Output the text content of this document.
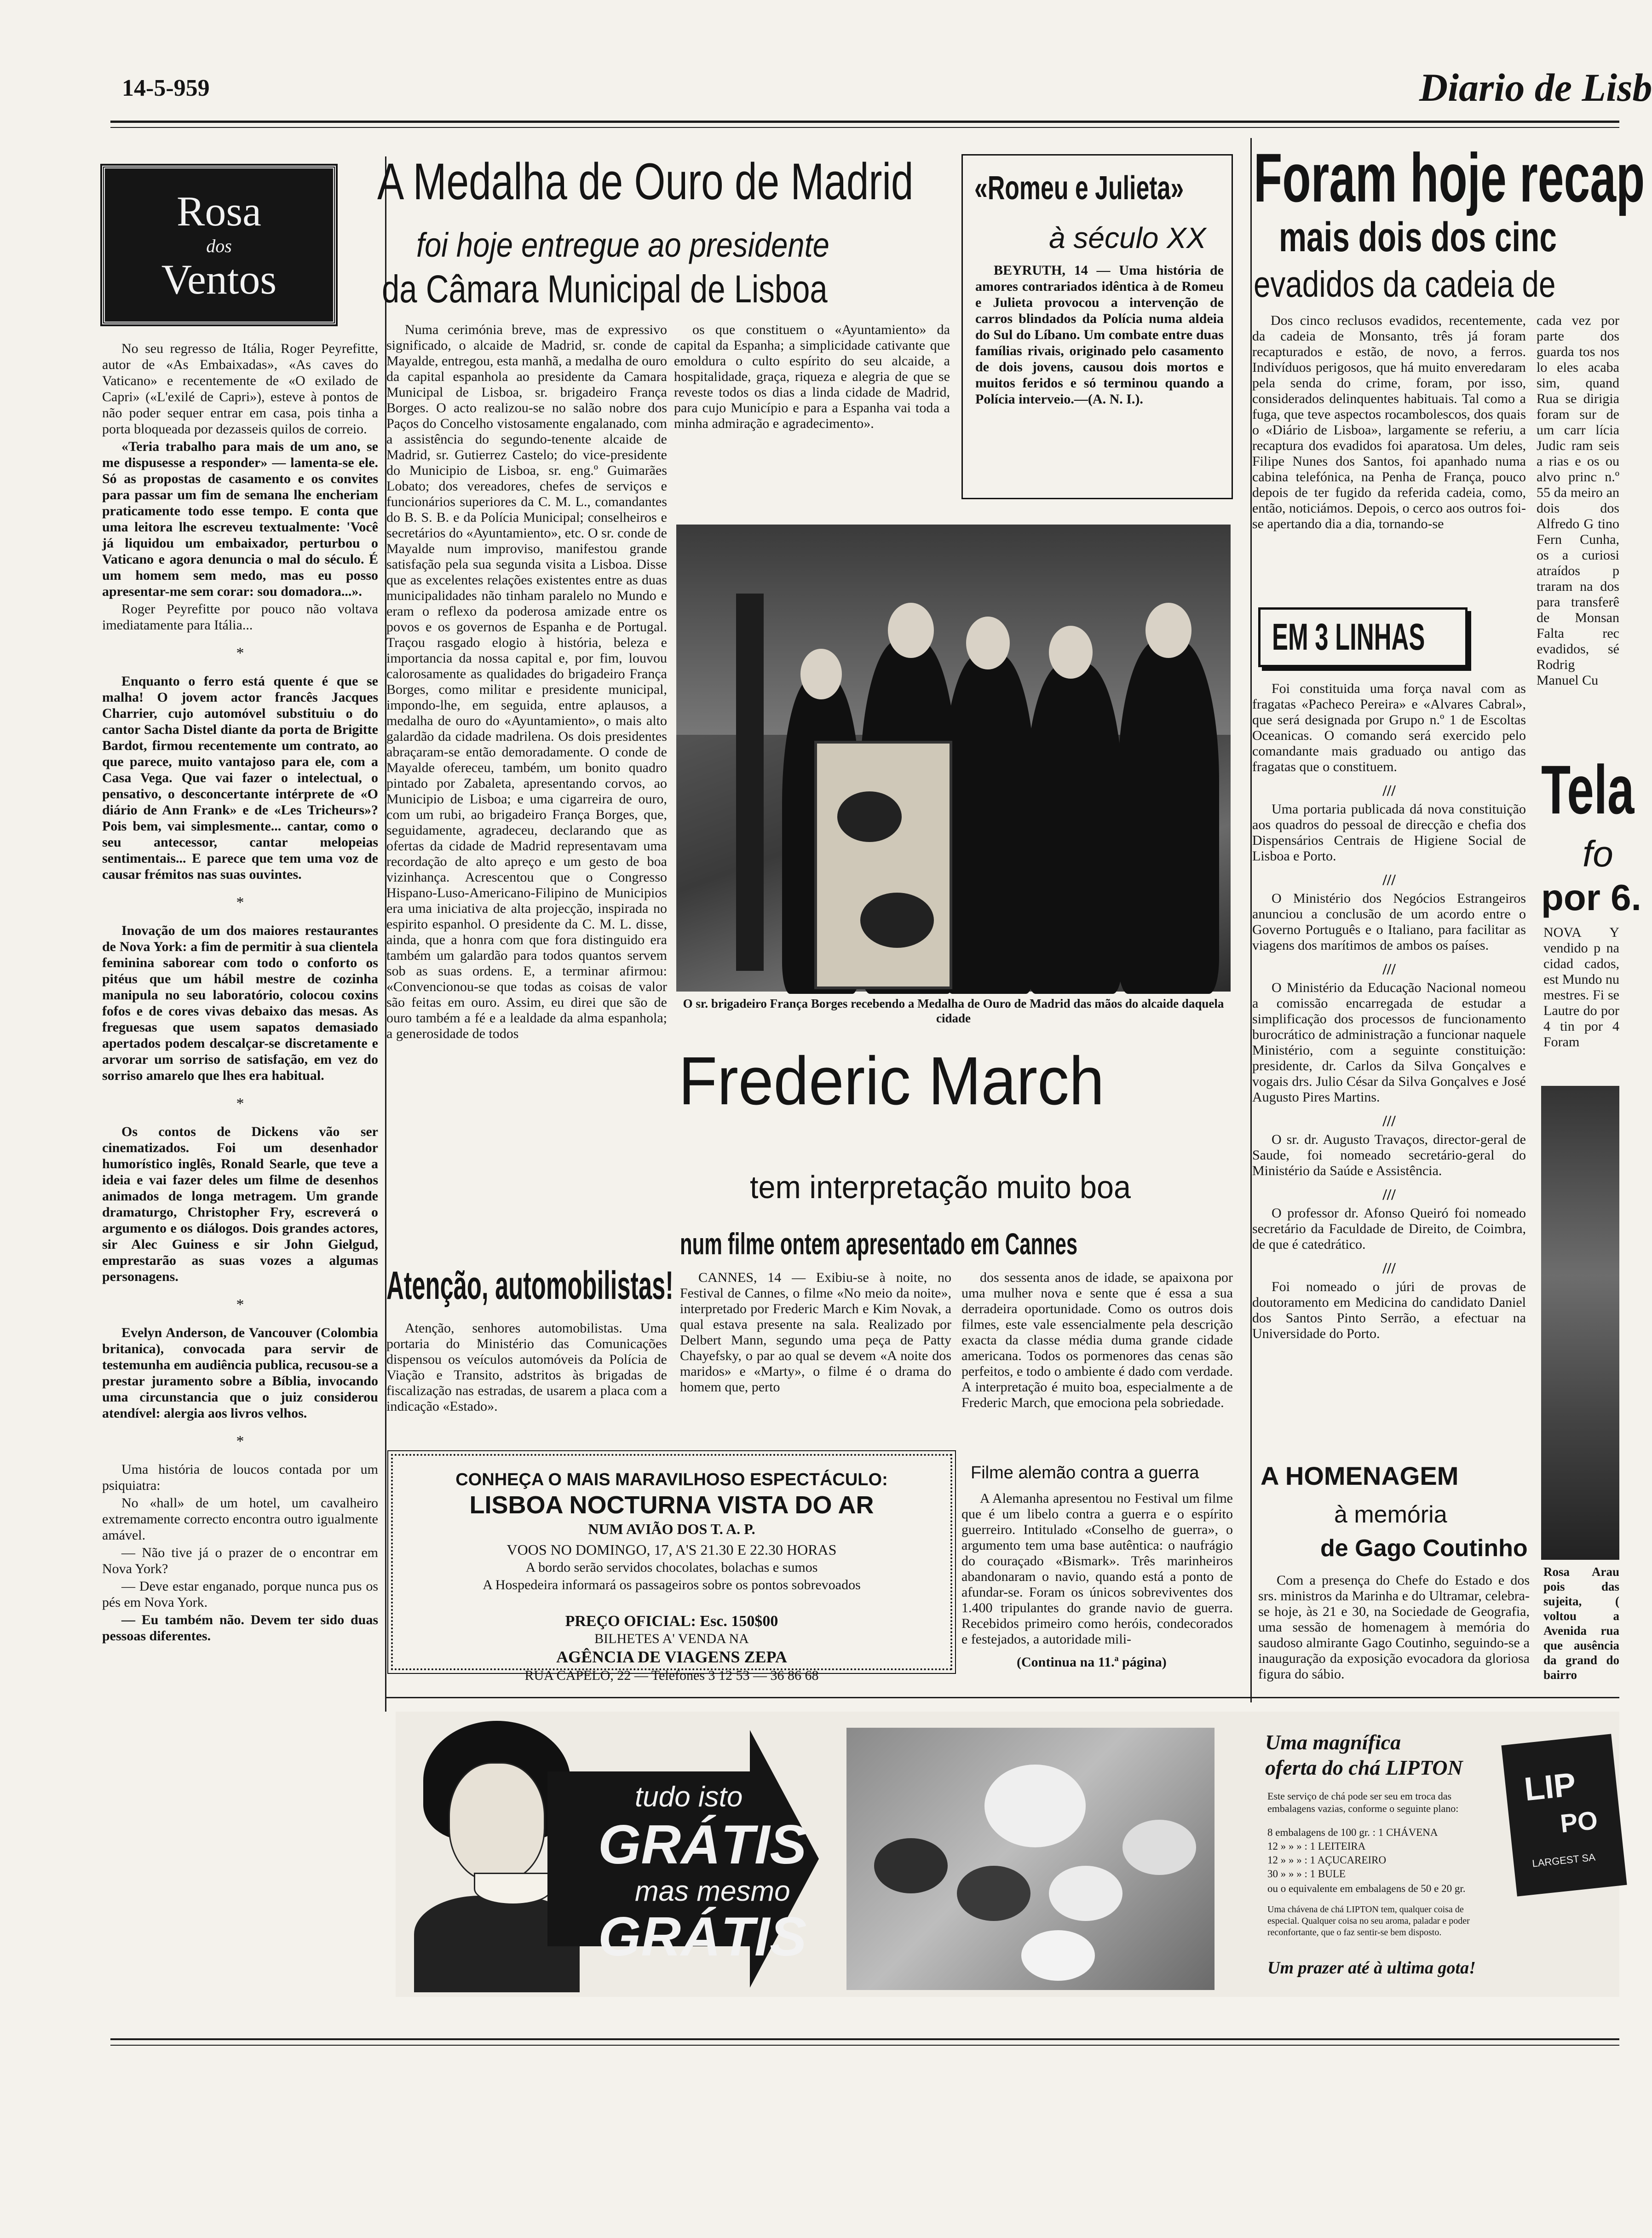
14-5-959	Diario de Lisb
Rosa
dos
Ventos

No seu regresso de Itália, Roger Peyrefitte, autor de «As Embaixadas», «As caves do Vaticano» e recentemente de «O exilado de Capri» («L'exilé de Capri»), esteve à pontos de não poder sequer entrar em casa, pois tinha a porta bloqueada por dezasseis quilos de correio.

«Teria trabalho para mais de um ano, se me dispusesse a responder» — lamenta-se ele. Só as propostas de casamento e os convites para passar um fim de semana lhe encheriam praticamente todo esse tempo. E conta que uma leitora lhe escreveu textualmente: 'Você já liquidou um embaixador, perturbou o Vaticano e agora denuncia o mal do século. É um homem sem medo, mas eu posso apresentar-me sem corar: sou domadora...».

Roger Peyrefitte por pouco não voltava imediatamente para Itália...

*

Enquanto o ferro está quente é que se malha! O jovem actor francês Jacques Charrier, cujo automóvel substituiu o do cantor Sacha Distel diante da porta de Brigitte Bardot, firmou recentemente um contrato, ao que parece, muito vantajoso para ele, com a Casa Vega. Que vai fazer o intelectual, o pensativo, o desconcertante intérprete de «O diário de Ann Frank» e de «Les Tricheurs»? Pois bem, vai simplesmente... cantar, como o seu antecessor, cantar melopeias sentimentais... E parece que tem uma voz de causar frémitos nas suas ouvintes.

*

Inovação de um dos maiores restaurantes de Nova York: a fim de permitir à sua clientela feminina saborear com todo o conforto os pitéus que um hábil mestre de cozinha manipula no seu laboratório, colocou coxins fofos e de cores vivas debaixo das mesas. As freguesas que usem sapatos demasiado apertados podem descalçar-se discretamente e arvorar um sorriso de satisfação, em vez do sorriso amarelo que lhes era habitual.

*

Os contos de Dickens vão ser cinematizados. Foi um desenhador humorístico inglês, Ronald Searle, que teve a ideia e vai fazer deles um filme de desenhos animados de longa metragem. Um grande dramaturgo, Christopher Fry, escreverá o argumento e os diálogos. Dois grandes actores, sir Alec Guiness e sir John Gielgud, emprestarão as suas vozes a algumas personagens.

*

Evelyn Anderson, de Vancouver (Colombia britanica), convocada para servir de testemunha em audiência publica, recusou-se a prestar juramento sobre a Bíblia, invocando uma circunstancia que o juiz considerou atendível: alergia aos livros velhos.

*

Uma história de loucos contada por um psiquiatra:

No «hall» de um hotel, um cavalheiro extremamente correcto encontra outro igualmente amável.

— Não tive já o prazer de o encontrar em Nova York?

— Deve estar enganado, porque nunca pus os pés em Nova York.

— Eu também não. Devem ter sido duas pessoas diferentes.

A Medalha de Ouro de Madrid
foi hoje entregue ao presidente
da Câmara Municipal de Lisboa
Numa cerimónia breve, mas de expressivo significado, o alcaide de Madrid, sr. conde de Mayalde, entregou, esta manhã, a medalha de ouro da capital espanhola ao presidente da Camara Municipal de Lisboa, sr. brigadeiro França Borges. O acto realizou-se no salão nobre dos Paços do Concelho vistosamente engalanado, com a assistência do segundo-tenente alcaide de Madrid, sr. Gutierrez Castelo; do vice-presidente do Municipio de Lisboa, sr. eng.º Guimarães Lobato; dos vereadores, chefes de serviços e funcionários superiores da C. M. L., comandantes do B. S. B. e da Polícia Municipal; conselheiros e secretários do «Ayuntamiento», etc. O sr. conde de Mayalde num improviso, manifestou grande satisfação pela sua segunda visita a Lisboa. Disse que as excelentes relações existentes entre as duas municipalidades não tinham paralelo no Mundo e eram o reflexo da poderosa amizade entre os povos e os governos de Espanha e de Portugal. Traçou rasgado elogio à história, beleza e importancia da nossa capital e, por fim, louvou calorosamente as qualidades do brigadeiro França Borges, como militar e presidente municipal, impondo-lhe, em seguida, entre aplausos, a medalha de ouro do «Ayuntamiento», o mais alto galardão da cidade madrilena. Os dois presidentes abraçaram-se então demoradamente. O conde de Mayalde ofereceu, também, um bonito quadro pintado por Zabaleta, apresentando corvos, ao Municipio de Lisboa; e uma cigarreira de ouro, com um rubi, ao brigadeiro França Borges, que, seguidamente, agradeceu, declarando que as ofertas da cidade de Madrid representavam uma recordação de alto apreço e um gesto de boa vizinhança. Acrescentou que o Congresso Hispano-Luso-Americano-Filipino de Municipios era uma iniciativa de alta projecção, inspirada no espirito espanhol. O presidente da C. M. L. disse, ainda, que a honra com que fora distinguido era também um galardão para todos quantos servem sob as suas ordens. E, a terminar afirmou: «Convencionou-se que todas as coisas de valor são feitas em ouro. Assim, eu direi que são de ouro também a fé e a lealdade da alma espanhola; a generosidade de todos
os que constituem o «Ayuntamiento» da capital da Espanha; a simplicidade cativante que emoldura o culto espírito do seu alcaide, a hospitalidade, graça, riqueza e alegria de que se reveste todos os dias a linda cidade de Madrid, para cujo Município e para a Espanha vai toda a minha admiração e agradecimento».
«Romeu e Julieta»
à século XX
BEYRUTH, 14 — Uma história de amores contrariados idêntica à de Romeu e Julieta provocou a intervenção de carros blindados da Polícia numa aldeia do Sul do Líbano. Um combate entre duas famílias rivais, originado pelo casamento de dois jovens, causou dois mortos e muitos feridos e só terminou quando a Polícia interveio.—(A. N. I.).
O sr. brigadeiro França Borges recebendo a Medalha de Ouro de Madrid das mãos do alcaide daquela cidade
Frederic March
tem interpretação muito boa
num filme ontem apresentado em Cannes
CANNES, 14 — Exibiu-se à noite, no Festival de Cannes, o filme «No meio da noite», interpretado por Frederic March e Kim Novak, a qual estava presente na sala. Realizado por Delbert Mann, segundo uma peça de Patty Chayefsky, o par ao qual se devem «A noite dos maridos» e «Marty», o filme é o drama do homem que, perto
dos sessenta anos de idade, se apaixona por uma mulher nova e sente que é essa a sua derradeira oportunidade. Como os outros dois filmes, este vale essencialmente pela descrição exacta da classe média duma grande cidade americana. Todos os pormenores das cenas são perfeitos, e todo o ambiente é dado com verdade. A interpretação é muito boa, especialmente a de Frederic March, que emociona pela sobriedade.
Filme alemão contra a guerra
A Alemanha apresentou no Festival um filme que é um libelo contra a guerra e o espírito guerreiro. Intitulado «Conselho de guerra», o argumento tem uma base autêntica: o naufrágio do couraçado «Bismark». Três marinheiros abandonaram o navio, quando está a ponto de afundar-se. Foram os únicos sobreviventes dos 1.400 tripulantes do grande navio de guerra. Recebidos primeiro como heróis, condecorados e festejados, a autoridade mili-
(Continua na 11.ª página)
Atenção, automobilistas!
Atenção, senhores automobilistas. Uma portaria do Ministério das Comunicações dispensou os veículos automóveis da Polícia de Viação e Transito, adstritos às brigadas de fiscalização nas estradas, de usarem a placa com a indicação «Estado».
CONHEÇA O MAIS MARAVILHOSO ESPECTÁCULO:
LISBOA NOCTURNA VISTA DO AR
NUM AVIÃO DOS T. A. P.
VOOS NO DOMINGO, 17, A'S 21.30 E 22.30 HORAS
A bordo serão servidos chocolates, bolachas e sumos
A Hospedeira informará os passageiros sobre os pontos sobrevoados
PREÇO OFICIAL: Esc. 150$00
BILHETES A' VENDA NA
AGÊNCIA DE VIAGENS ZEPA
RUA CAPELO, 22 — Telefones 3 12 53 — 36 86 68
Foram hoje recap
mais dois dos cinc
evadidos da cadeia de
Dos cinco reclusos evadidos, recentemente, da cadeia de Monsanto, três já foram recapturados e estão, de novo, a ferros. Indivíduos perigosos, que há muito enveredaram pela senda do crime, foram, por isso, considerados delinquentes habituais. Tal como a fuga, que teve aspectos rocambolescos, dos quais o «Diário de Lisboa», largamente se referiu, a recaptura dos evadidos foi aparatosa. Um deles, Filipe Nunes dos Santos, foi apanhado numa cabina telefónica, na Penha de França, pouco depois de ter fugido da referida cadeia, como, então, noticiámos. Depois, o cerco aos outros foi-se apertando dia a dia, tornando-se
cada vez por parte dos guarda tos nos lo eles acaba sim, quand Rua se dirigia foram sur de um carr lícia Judic ram seis a rias e os ou alvo princ n.º 55 da meiro an dois dos Alfredo G tino Fern Cunha, os a curiosi atraídos p traram na dos para transferê de Monsan Falta rec evadidos, sé Rodrig Manuel Cu
EM 3 LINHAS

Foi constituida uma força naval com as fragatas «Pacheco Pereira» e «Alvares Cabral», que será designada por Grupo n.º 1 de Escoltas Oceanicas. O comando será exercido pelo comandante mais graduado ou antigo das fragatas que o constituem.

///

Uma portaria publicada dá nova constituição aos quadros do pessoal de direcção e chefia dos Dispensários Centrais de Higiene Social de Lisboa e Porto.

///

O Ministério dos Negócios Estrangeiros anunciou a conclusão de um acordo entre o Governo Português e o Italiano, para facilitar as viagens dos marítimos de ambos os países.

///

O Ministério da Educação Nacional nomeou a comissão encarregada de estudar a simplificação dos processos de funcionamento burocrático de administração a funcionar naquele Ministério, com a seguinte constituição: presidente, dr. Carlos da Silva Gonçalves e vogais drs. Julio César da Silva Gonçalves e José Augusto Pires Martins.

///

O sr. dr. Augusto Travaços, director-geral de Saude, foi nomeado secretário-geral do Ministério da Saúde e Assistência.

///

O professor dr. Afonso Queiró foi nomeado secretário da Faculdade de Direito, de Coimbra, de que é catedrático.

///

Foi nomeado o júri de provas de doutoramento em Medicina do candidato Daniel dos Santos Pinto Serrão, a efectuar na Universidade do Porto.

A HOMENAGEM
à memória
de Gago Coutinho
Com a presença do Chefe do Estado e dos srs. ministros da Marinha e do Ultramar, celebra-se hoje, às 21 e 30, na Sociedade de Geografia, uma sessão de homenagem à memória do saudoso almirante Gago Coutinho, seguindo-se a inauguração da exposição evocadora da gloriosa figura do sábio.
Tela
fo
por 6.
NOVA Y vendido p na cidad cados, est Mundo nu mestres. Fi se Lautre do por 4 tin por 4 Foram
Rosa Arau pois das sujeita, ( voltou a Avenida rua que ausência da grand do bairro
tudo isto
GRÁTIS
mas mesmo
GRÁTIS
Uma magnífica
oferta do chá LIPTON
Este serviço de chá pode ser seu em troca das embalagens vazias, conforme o seguinte plano:
8 embalagens de 100 gr. : 1 CHÁVENA
12 » » » : 1 LEITEIRA
12 » » » : 1 AÇUCAREIRO
30 » » » : 1 BULE
ou o equivalente em embalagens de 50 e 20 gr.
Uma chávena de chá LIPTON tem, qualquer coisa de especial. Qualquer coisa no seu aroma, paladar e poder reconfortante, que o faz sentir-se bem disposto.
Um prazer até à ultima gota!
LIP
PO
LARGEST SA
